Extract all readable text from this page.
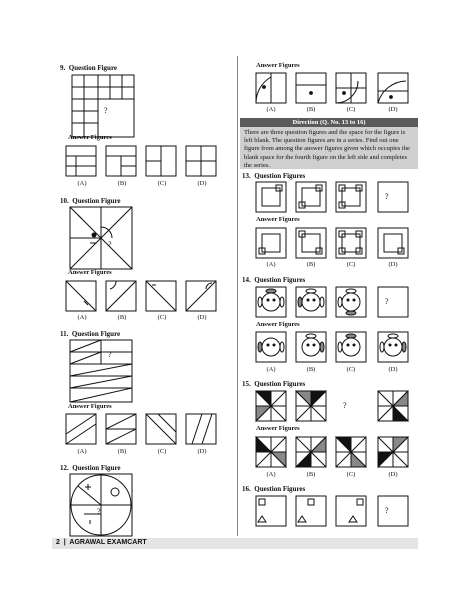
9. Question Figure
?
Answer Figures
(A)	(B)	(C)	(D)
10. Question Figure
?
Answer Figures
(A)	(B)	(C)	(D)
11. Question Figure
?
Answer Figures
(A)	(B)	(C)	(D)
12. Question Figure
?
Answer Figures
(A)	(B)	(C)	(D)
Direction (Q. No. 13 to 16)
There are three question figures and the space for the figure is left blank. The question figures are in a series. Find out one figure from among the answer figures given which occupies the blank space for the fourth figure on the left side and completes the series.
13. Question Figures
?
Answer Figures
(A)	(B)	(C)	(D)
14. Question Figures
?
Answer Figures
(A)	(B)	(C)	(D)
15. Question Figures
?
Answer Figures
(A)	(B)	(C)	(D)
16. Question Figures
?
2 | AGRAWAL EXAMCART
